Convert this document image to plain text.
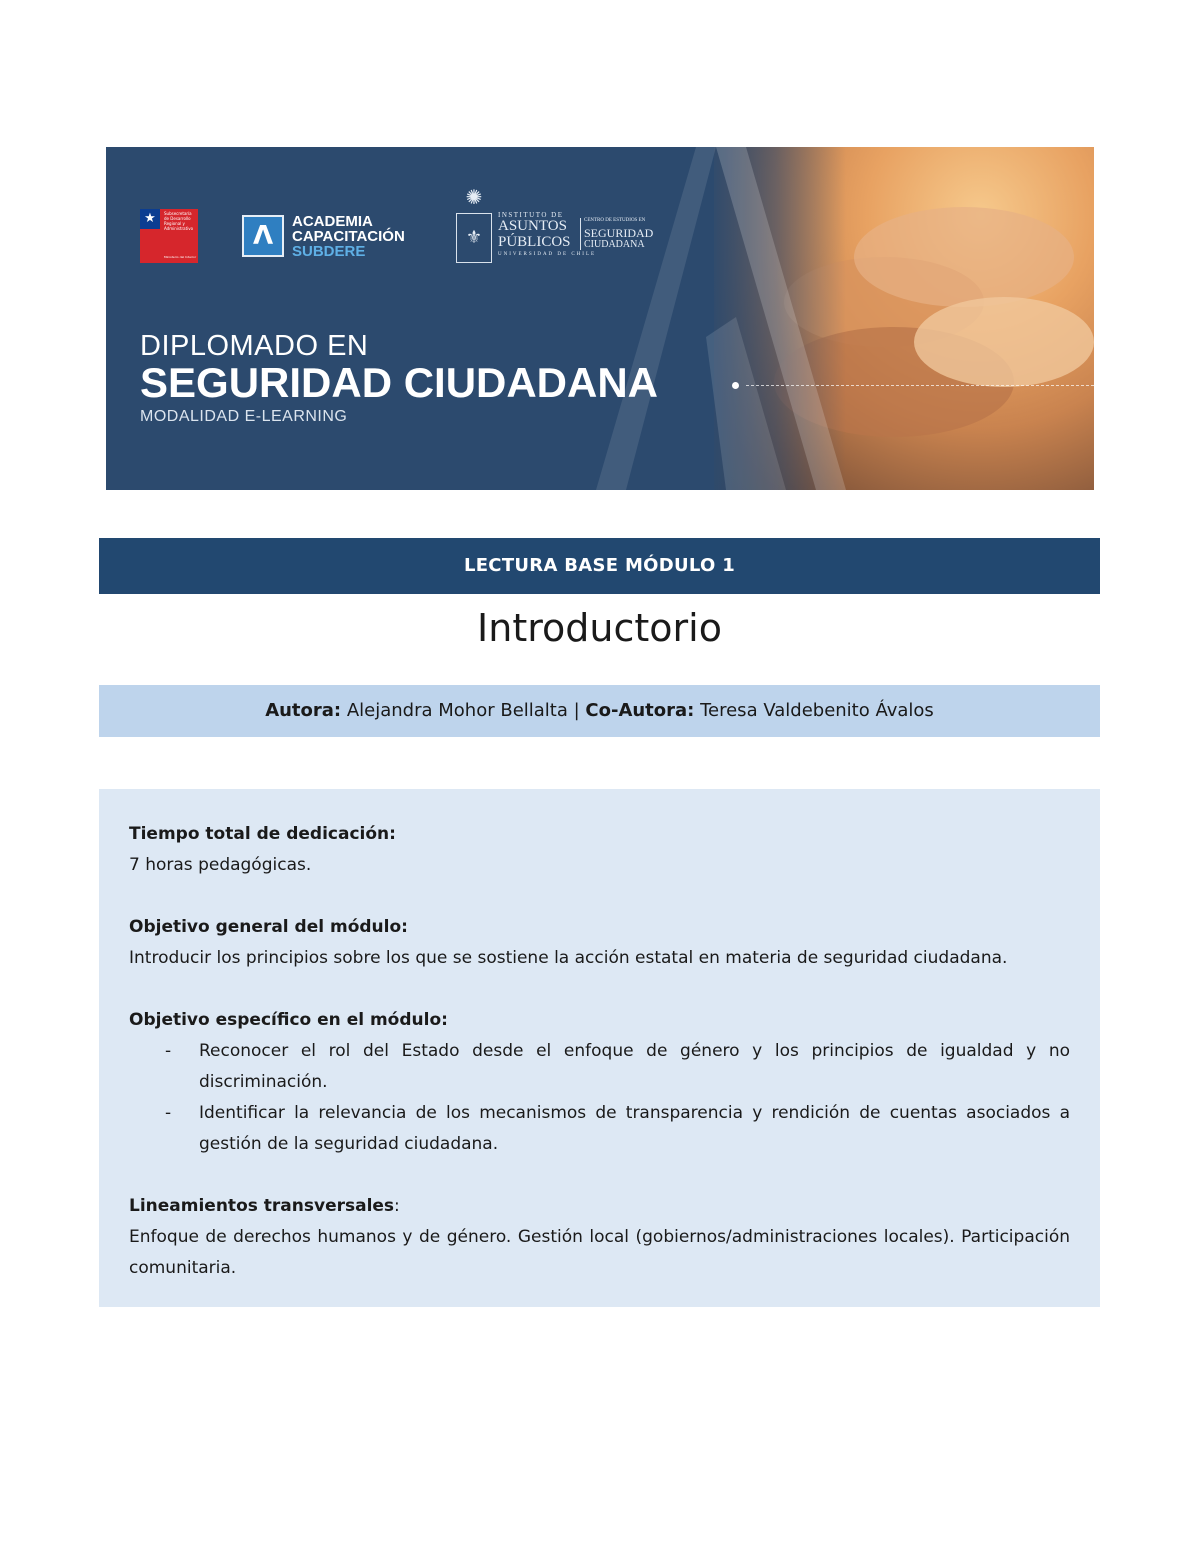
★	Subsecretaría de Desarrollo Regional y Administrativo
Ministerio del Interior
Λ	ACADEMIA
CAPACITACIÓN
SUBDERE
✺
⚜
INSTITUTO DE
ASUNTOS
PÚBLICOS
UNIVERSIDAD DE CHILE
CENTRO DE ESTUDIOS EN
SEGURIDAD
CIUDADANA
DIPLOMADO EN
SEGURIDAD CIUDADANA
MODALIDAD E-LEARNING
LECTURA BASE MÓDULO 1
Introductorio

Autora: Alejandra Mohor Bellalta | Co-Autora: Teresa Valdebenito Ávalos

Tiempo total de dedicación:

7 horas pedagógicas.

Objetivo general del módulo:

Introducir los principios sobre los que se sostiene la acción estatal en materia de seguridad ciudadana.

Objetivo específico en el módulo:
- Reconocer el rol del Estado desde el enfoque de género y los principios de igualdad y no discriminación.
- Identificar la relevancia de los mecanismos de transparencia y rendición de cuentas asociados a gestión de la seguridad ciudadana.
Lineamientos transversales:

Enfoque de derechos humanos y de género. Gestión local (gobiernos/administraciones locales). Participación comunitaria.
